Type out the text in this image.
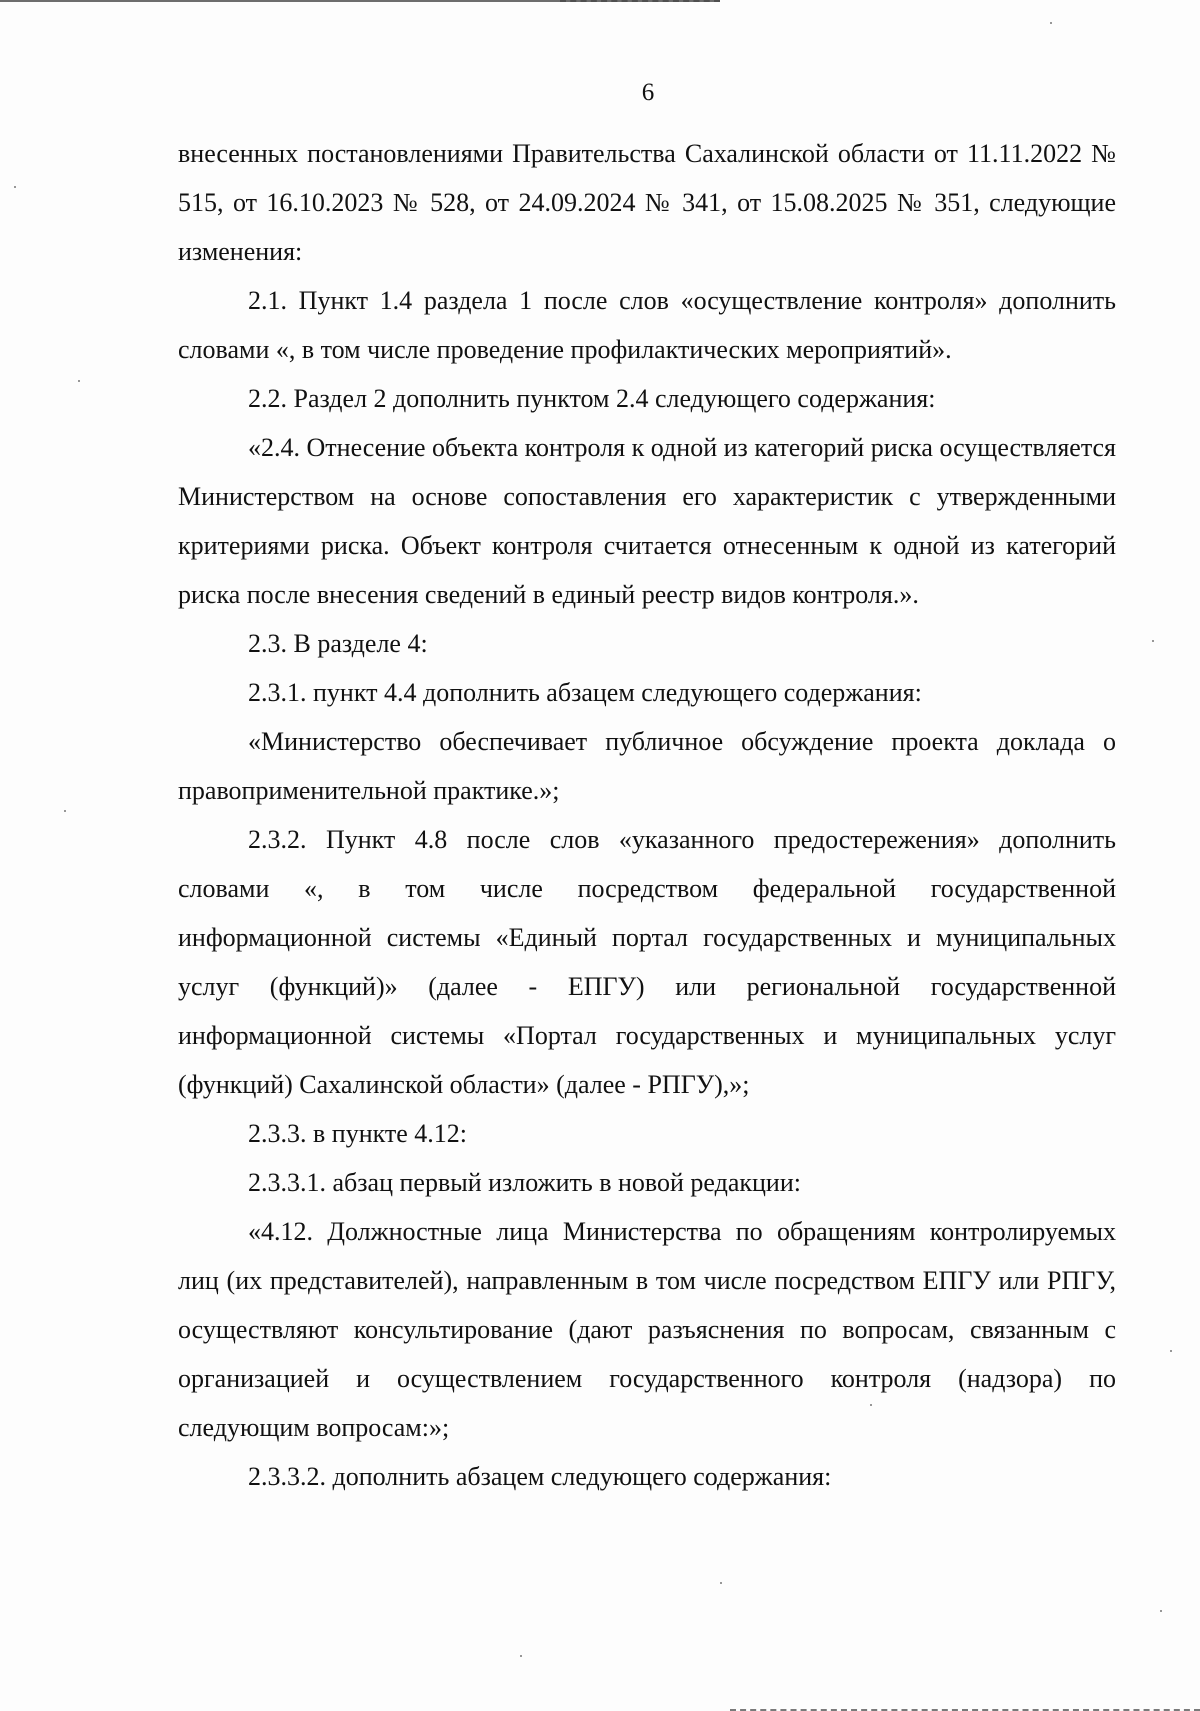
6

внесенных постановлениями Правительства Сахалинской области от 11.11.2022 № 515, от 16.10.2023 № 528, от 24.09.2024 № 341, от 15.08.2025 № 351, следующие изменения:

2.1. Пункт 1.4 раздела 1 после слов «осуществление контроля» дополнить словами «, в том числе проведение профилактических мероприятий».

2.2. Раздел 2 дополнить пунктом 2.4 следующего содержания:

«2.4. Отнесение объекта контроля к одной из категорий риска осуществляется Министерством на основе сопоставления его характеристик с утвержденными критериями риска. Объект контроля считается отнесенным к одной из категорий риска после внесения сведений в единый реестр видов контроля.».

2.3. В разделе 4:

2.3.1. пункт 4.4 дополнить абзацем следующего содержания:

«Министерство обеспечивает публичное обсуждение проекта доклада о правоприменительной практике.»;

2.3.2. Пункт 4.8 после слов «указанного предостережения» дополнить словами «, в том числе посредством федеральной государственной информационной системы «Единый портал государственных и муниципальных услуг (функций)» (далее - ЕПГУ) или региональной государственной информационной системы «Портал государственных и муниципальных услуг (функций) Сахалинской области» (далее - РПГУ),»;

2.3.3. в пункте 4.12:

2.3.3.1. абзац первый изложить в новой редакции:

«4.12. Должностные лица Министерства по обращениям контролируемых лиц (их представителей), направленным в том числе посредством ЕПГУ или РПГУ, осуществляют консультирование (дают разъяснения по вопросам, связанным с организацией и осуществлением государственного контроля (надзора) по следующим вопросам:»;

2.3.3.2. дополнить абзацем следующего содержания:
